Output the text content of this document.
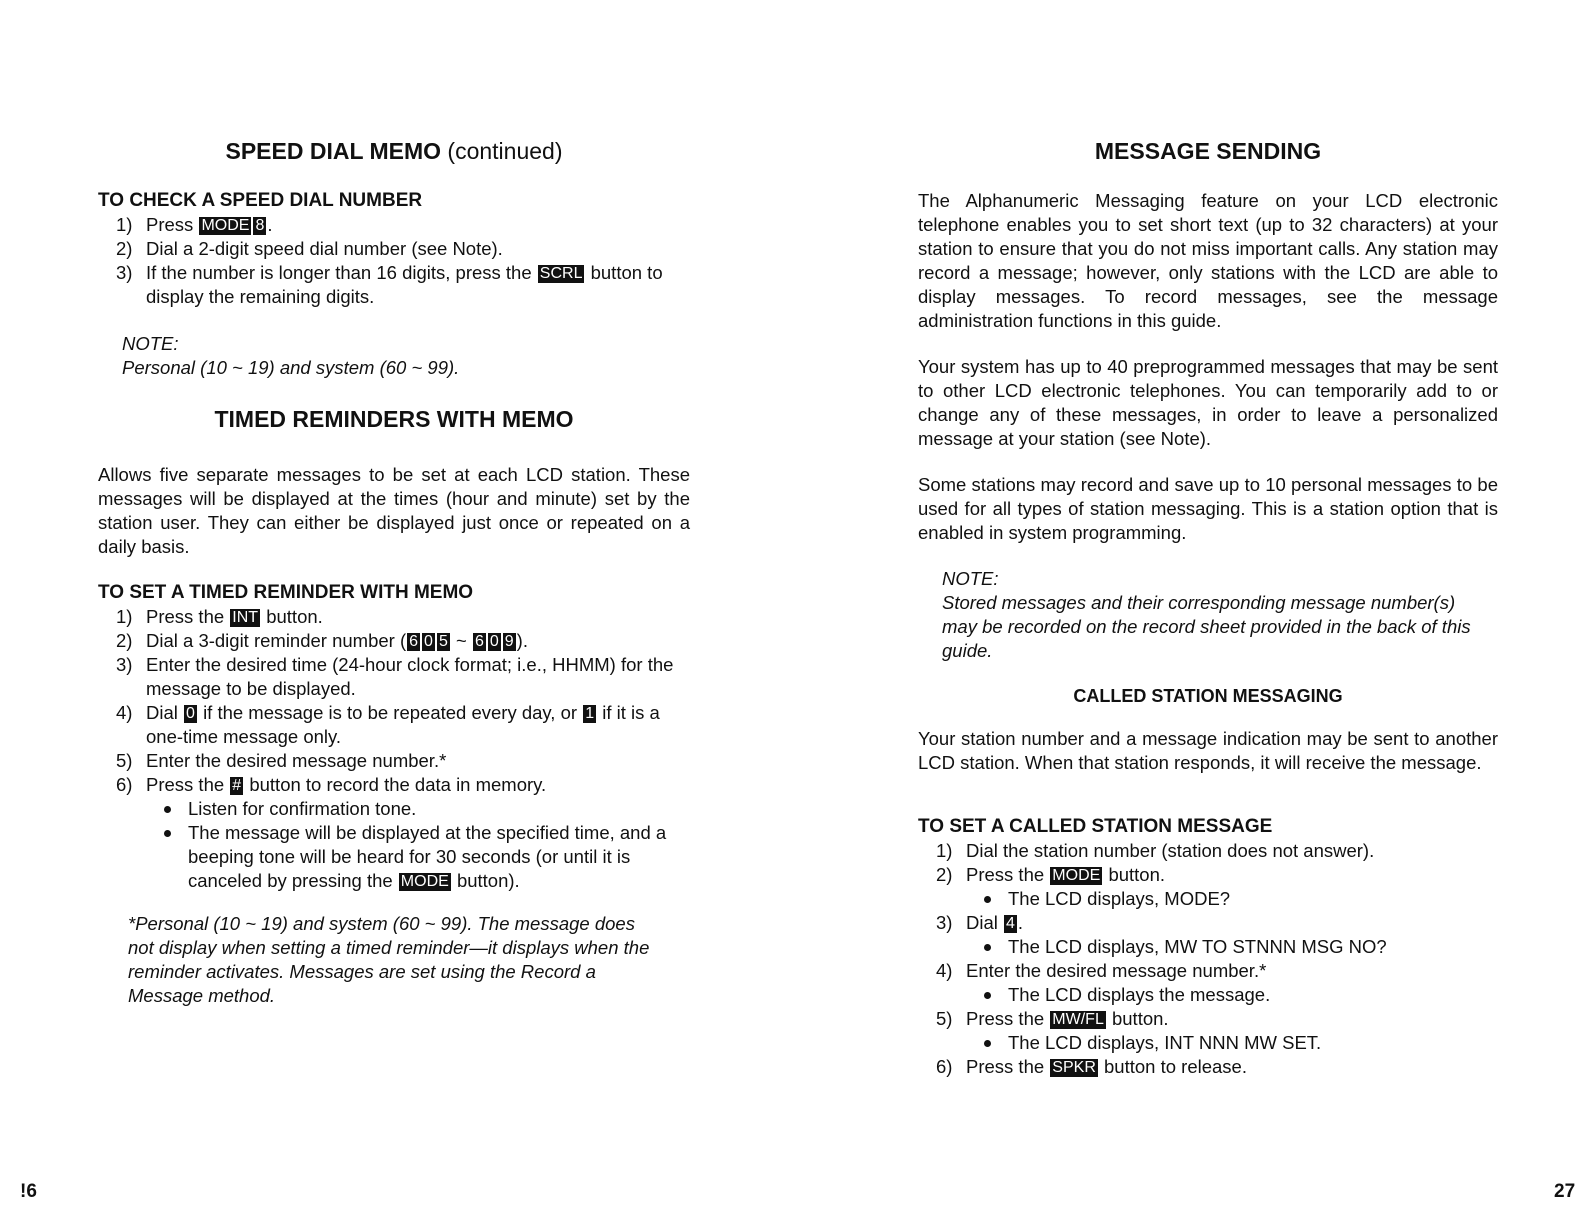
SPEED DIAL MEMO (continued)
TO CHECK A SPEED DIAL NUMBER
1) Press MODE 8 .
2) Dial a 2-digit speed dial number (see Note).
3) If the number is longer than 16 digits, press the SCRL button to display the remaining digits.
NOTE:
Personal (10 ~ 19) and system (60 ~ 99).
TIMED REMINDERS WITH MEMO

Allows five separate messages to be set at each LCD station. These messages will be displayed at the times (hour and minute) set by the station user. They can either be displayed just once or repeated on a daily basis.

TO SET A TIMED REMINDER WITH MEMO
1) Press the INT button.
2) Dial a 3-digit reminder number ( 6 0 5 ~ 6 0 9 ).
3) Enter the desired time (24-hour clock format; i.e., HHMM) for the message to be displayed.
4) Dial 0 if the message is to be repeated every day, or 1 if it is a one-time message only.
5) Enter the desired message number.*
6) Press the # button to record the data in memory.
Listen for confirmation tone.
The message will be displayed at the specified time, and a beeping tone will be heard for 30 seconds (or until it is canceled by pressing the MODE button).
*Personal (10 ~ 19) and system (60 ~ 99). The message does not display when setting a timed reminder—it displays when the reminder activates. Messages are set using the Record a Message method.
!6
MESSAGE SENDING

The Alphanumeric Messaging feature on your LCD electronic telephone enables you to set short text (up to 32 characters) at your station to ensure that you do not miss important calls. Any station may record a message; however, only stations with the LCD are able to display messages. To record messages, see the message administration functions in this guide.

Your system has up to 40 preprogrammed messages that may be sent to other LCD electronic telephones. You can temporarily add to or change any of these messages, in order to leave a personalized message at your station (see Note).

Some stations may record and save up to 10 personal messages to be used for all types of station messaging. This is a station option that is enabled in system programming.

NOTE:
Stored messages and their corresponding message number(s) may be recorded on the record sheet provided in the back of this guide.
CALLED STATION MESSAGING

Your station number and a message indication may be sent to another LCD station. When that station responds, it will receive the message.

TO SET A CALLED STATION MESSAGE
1) Dial the station number (station does not answer).
2) Press the MODE button.
The LCD displays, MODE?
3) Dial 4 .
The LCD displays, MW TO STNNN MSG NO?
4) Enter the desired message number.*
The LCD displays the message.
5) Press the MW/FL button.
The LCD displays, INT NNN MW SET.
6) Press the SPKR button to release.
27
